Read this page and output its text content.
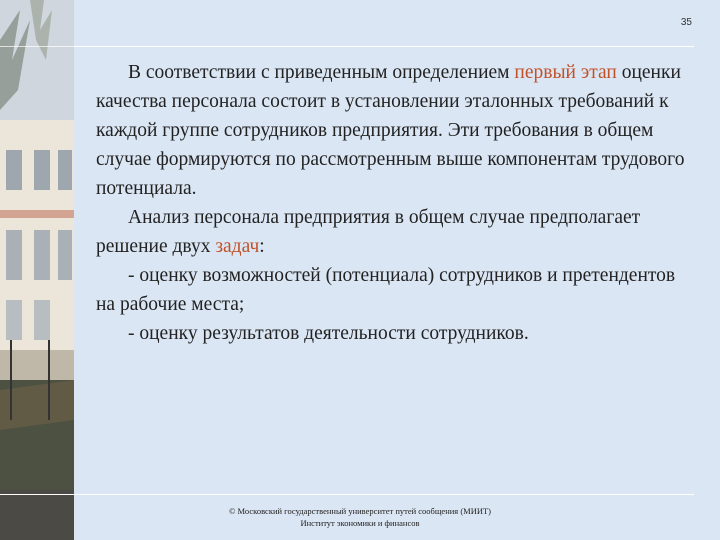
35

В соответствии с приведенным определением первый этап оценки качества персонала состоит в установлении эталонных требований к каждой группе сотрудников предприятия. Эти требования в общем случае формируются по рассмотренным выше компонентам трудового потенциала.

Анализ персонала предприятия в общем случае предполагает решение двух задач:

- оценку возможностей (потенциала) сотрудников и претендентов на рабочие места;

- оценку результатов деятельности сотрудников.

© Московский государственный университет путей сообщения (МИИТ)
Институт экономики и финансов
